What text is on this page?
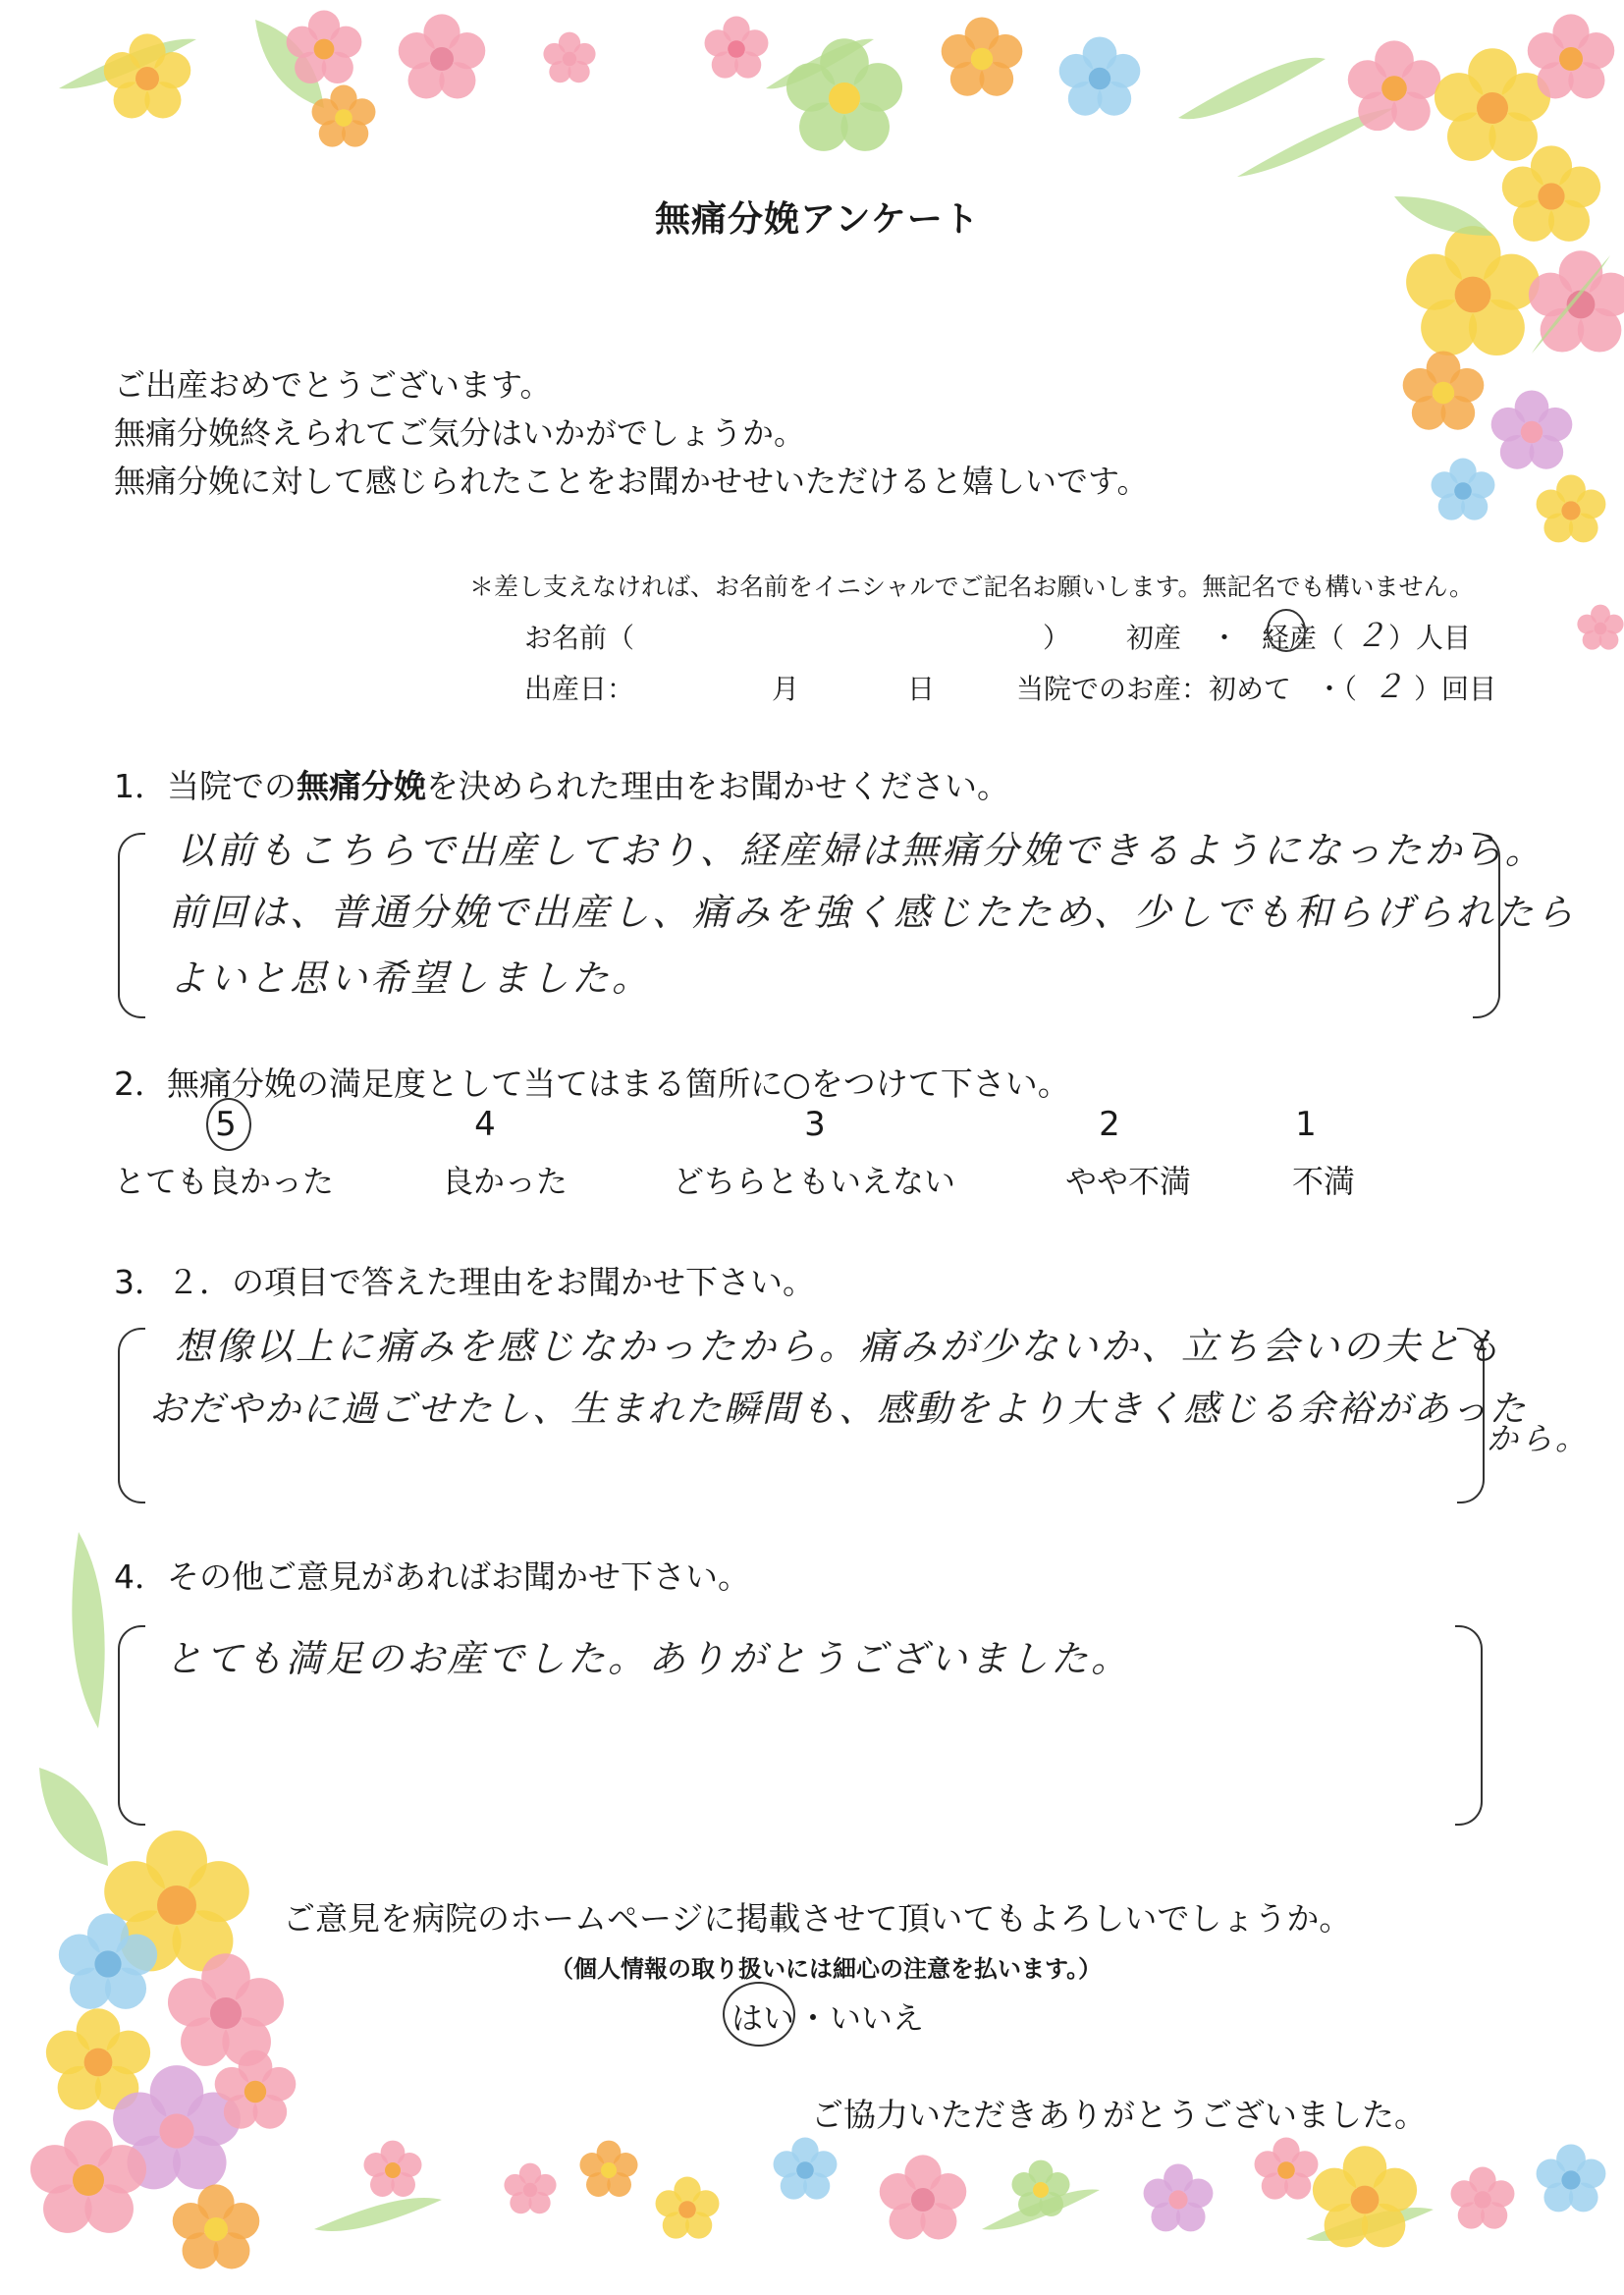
無痛分娩アンケート
ご出産おめでとうございます。
無痛分娩終えられてご気分はいかがでしょうか。
無痛分娩に対して感じられたことをお聞かせせいただけると嬉しいです。
＊差し支えなければ、お名前をイニシャルでご記名お願いします。無記名でも構いません。
お名前（	） 初産 ・ 経産（ ２ ）人目
出産日：	月	日	当院でのお産：初めて ・（ ２ ）回目
1．当院での無痛分娩を決められた理由をお聞かせください。
以前もこちらで出産しており、経産婦は無痛分娩できるようになったから。
前回は、普通分娩で出産し、痛みを強く感じたため、少しでも和らげられたら
よいと思い希望しました。
2．無痛分娩の満足度として当てはまる箇所に○をつけて下さい。
5
とても良かった
4
良かった
3
どちらともいえない
2
やや不満
1
不満
3．２．の項目で答えた理由をお聞かせ下さい。
想像以上に痛みを感じなかったから。痛みが少ないか、立ち会いの夫とも
おだやかに過ごせたし、生まれた瞬間も、感動をより大きく感じる余裕があった
から。
4．その他ご意見があればお聞かせ下さい。
とても満足のお産でした。ありがとうございました。
ご意見を病院のホームページに掲載させて頂いてもよろしいでしょうか。
（個人情報の取り扱いには細心の注意を払います。）
はい ・ いいえ
ご協力いただきありがとうございました。
